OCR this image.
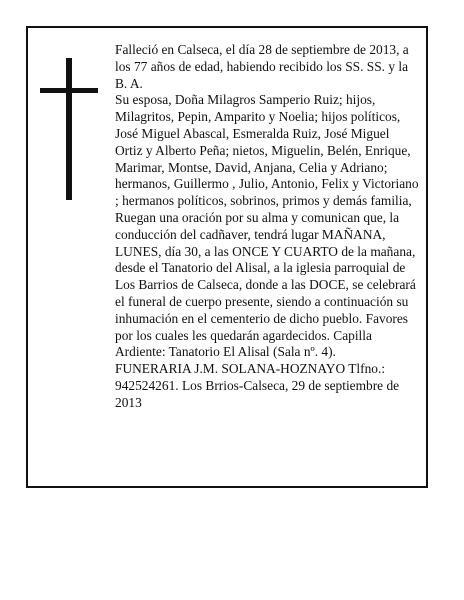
Falleció en Calseca, el día 28 de septiembre de 2013, a los 77 años de edad, habiendo recibido los SS. SS. y la B. A.

Su esposa, Doña Milagros Samperio Ruiz; hijos, Milagritos, Pepin, Amparito y Noelia; hijos políticos, José Miguel Abascal, Esmeralda Ruiz, José Miguel Ortiz y Alberto Peña; nietos, Miguelin, Belén, Enrique, Marimar, Montse, David, Anjana, Celia y Adriano; hermanos, Guillermo , Julio, Antonio, Felix y Victoriano ; hermanos políticos, sobrinos, primos y demás familia,

Ruegan una oración por su alma y comunican que, la conducción del cadñaver, tendrá lugar MAÑANA, LUNES, día 30, a las ONCE Y CUARTO de la mañana, desde el Tanatorio del Alisal, a la iglesia parroquial de Los Barrios de Calseca, donde a las DOCE, se celebrará el funeral de cuerpo presente, siendo a continuación su inhumación en el cementerio de dicho pueblo. Favores por los cuales les quedarán agardecidos. Capilla Ardiente: Tanatorio El Alisal (Sala nº. 4).

FUNERARIA J.M. SOLANA-HOZNAYO Tlfno.: 942524261. Los Brrios-Calseca, 29 de septiembre de 2013
